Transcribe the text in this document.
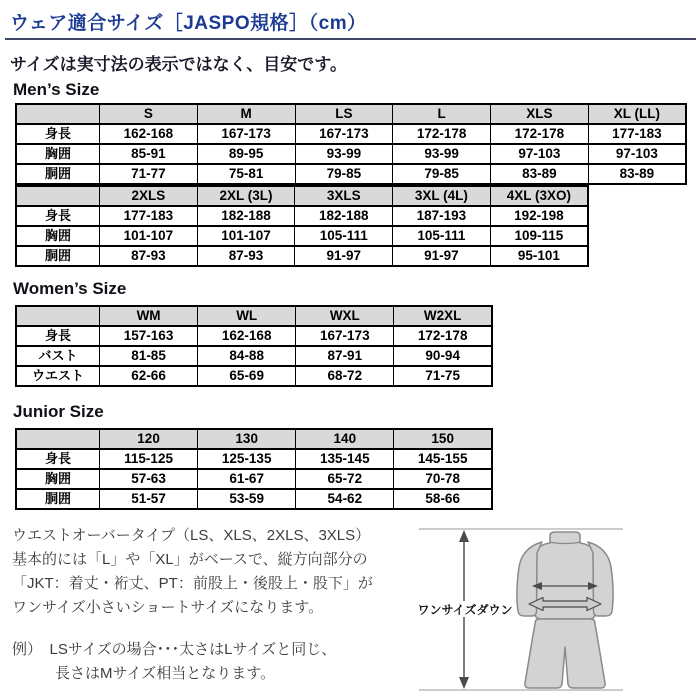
ウェア適合サイズ［JASPO規格］（cm）
サイズは実寸法の表示ではなく、目安です。
Men’s Size
	S	M	LS	L	XLS	XL (LL)
身長	162-168	167-173	167-173	172-178	172-178	177-183
胸囲	85-91	89-95	93-99	93-99	97-103	97-103
胴囲	71-77	75-81	79-85	79-85	83-89	83-89
	2XLS	2XL (3L)	3XLS	3XL (4L)	4XL (3XO)
身長	177-183	182-188	182-188	187-193	192-198
胸囲	101-107	101-107	105-111	105-111	109-115
胴囲	87-93	87-93	91-97	91-97	95-101
Women’s Size
	WM	WL	WXL	W2XL
身長	157-163	162-168	167-173	172-178
バスト	81-85	84-88	87-91	90-94
ウエスト	62-66	65-69	68-72	71-75
Junior Size
	120	130	140	150
身長	115-125	125-135	135-145	145-155
胸囲	57-63	61-67	65-72	70-78
胴囲	51-57	53-59	54-62	58-66
ウエストオーバータイプ（LS、XLS、2XLS、3XLS）
基本的には「L」や「XL」がベースで、縦方向部分の
「JKT：着丈・裄丈、PT：前股上・後股上・股下」が
ワンサイズ小さいショートサイズになります。
例）　LSサイズの場合･･･太さはLサイズと同じ、
長さはMサイズ相当となります。
ワンサイズダウン
